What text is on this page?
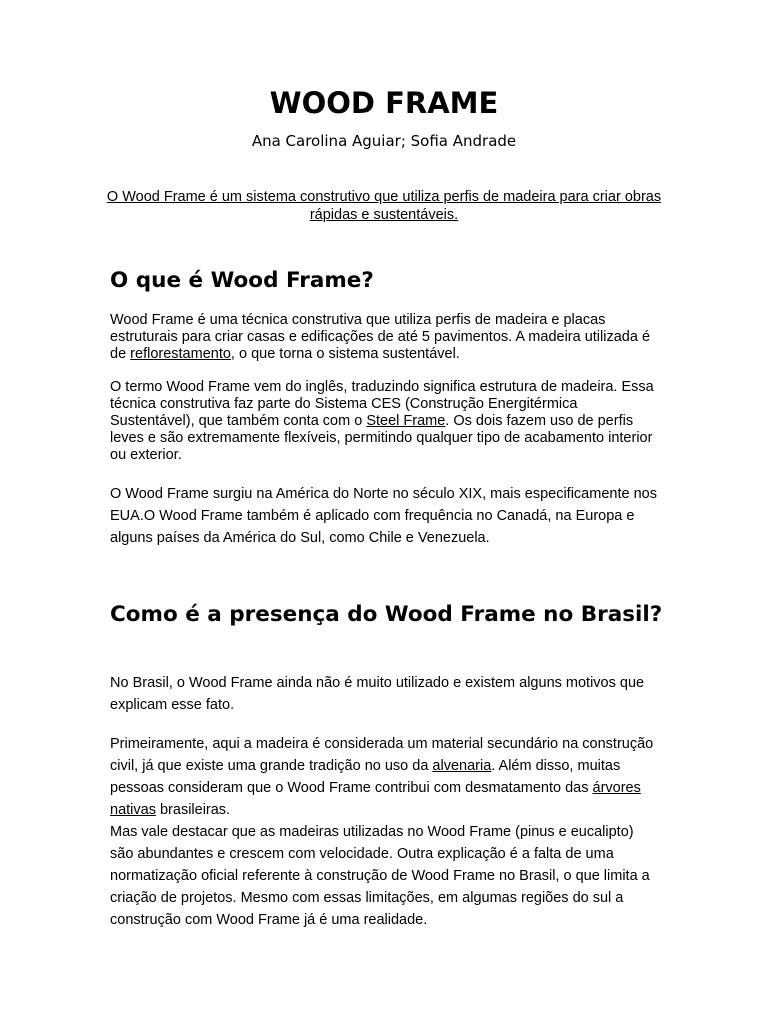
WOOD FRAME

Ana Carolina Aguiar; Sofia Andrade

O Wood Frame é um sistema construtivo que utiliza perfis de madeira para criar obras rápidas e sustentáveis.

O que é Wood Frame?

Wood Frame é uma técnica construtiva que utiliza perfis de madeira e placas estruturais para criar casas e edificações de até 5 pavimentos. A madeira utilizada é de reflorestamento, o que torna o sistema sustentável.

O termo Wood Frame vem do inglês, traduzindo significa estrutura de madeira. Essa técnica construtiva faz parte do Sistema CES (Construção Energitérmica Sustentável), que também conta com o Steel Frame. Os dois fazem uso de perfis leves e são extremamente flexíveis, permitindo qualquer tipo de acabamento interior ou exterior.

O Wood Frame surgiu na América do Norte no século XIX, mais especificamente nos EUA.O Wood Frame também é aplicado com frequência no Canadá, na Europa e alguns países da América do Sul, como Chile e Venezuela.

Como é a presença do Wood Frame no Brasil?

No Brasil, o Wood Frame ainda não é muito utilizado e existem alguns motivos que explicam esse fato.

Primeiramente, aqui a madeira é considerada um material secundário na construção civil, já que existe uma grande tradição no uso da alvenaria. Além disso, muitas pessoas consideram que o Wood Frame contribui com desmatamento das árvores nativas brasileiras.

Mas vale destacar que as madeiras utilizadas no Wood Frame (pinus e eucalipto) são abundantes e crescem com velocidade. Outra explicação é a falta de uma normatização oficial referente à construção de Wood Frame no Brasil, o que limita a criação de projetos. Mesmo com essas limitações, em algumas regiões do sul a construção com Wood Frame já é uma realidade.
